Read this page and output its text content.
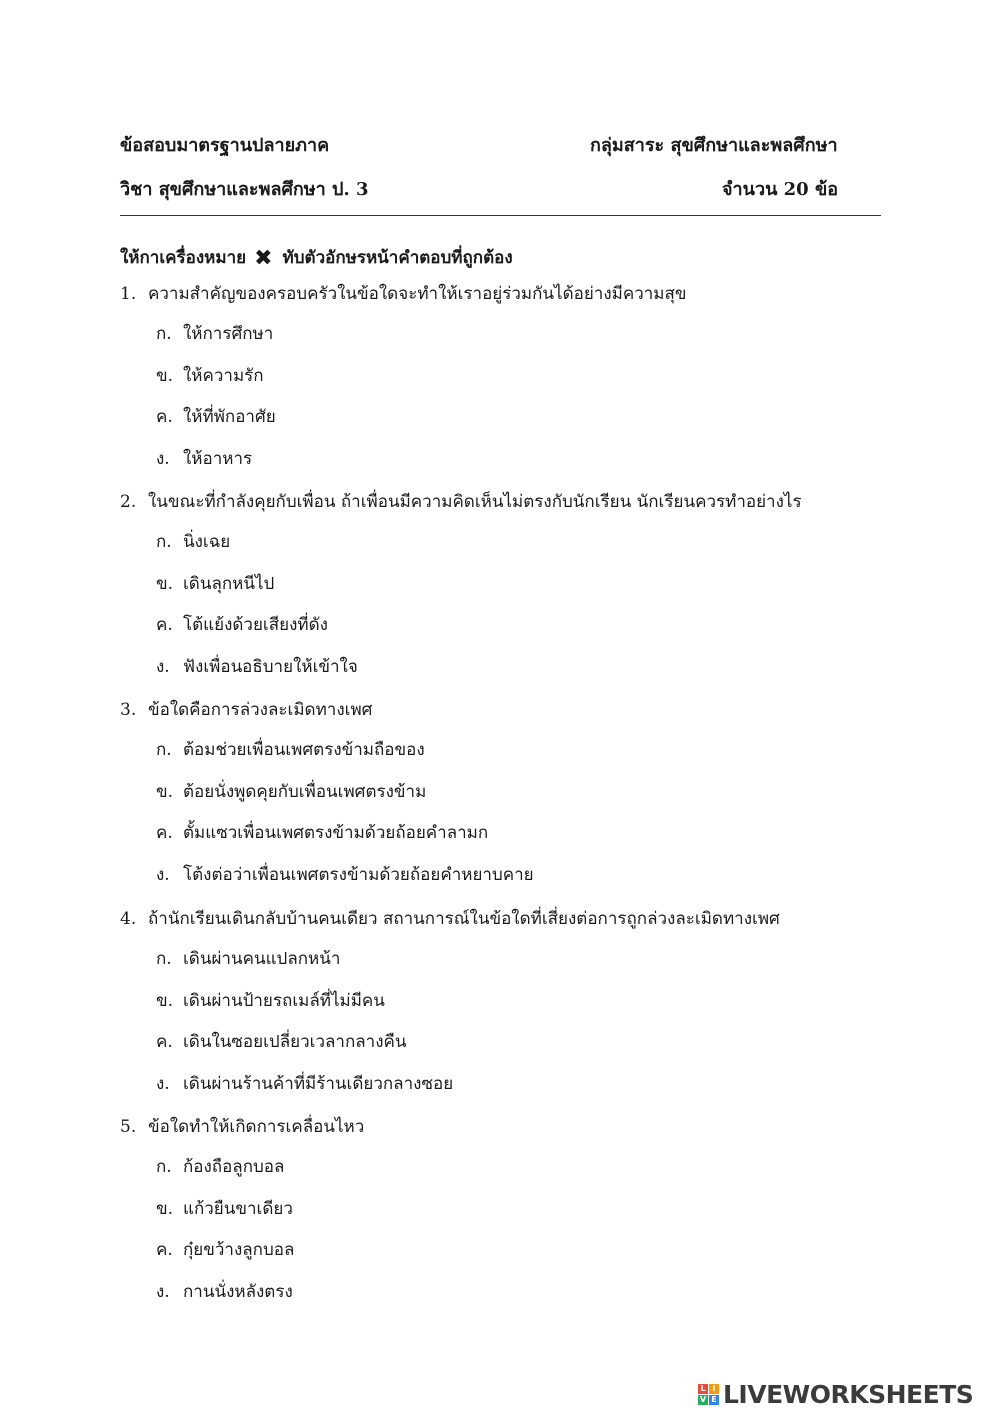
ข้อสอบมาตรฐานปลายภาค	กลุ่มสาระ สุขศึกษาและพลศึกษา
วิชา สุขศึกษาและพลศึกษา ป. 3	จำนวน 20 ข้อ
ให้กาเครื่องหมาย ✖ ทับตัวอักษรหน้าคำตอบที่ถูกต้อง
1. ความสำคัญของครอบครัวในข้อใดจะทำให้เราอยู่ร่วมกันได้อย่างมีความสุข
ก. ให้การศึกษา
ข. ให้ความรัก
ค. ให้ที่พักอาศัย
ง. ให้อาหาร
2. ในขณะที่กำลังคุยกับเพื่อน ถ้าเพื่อนมีความคิดเห็นไม่ตรงกับนักเรียน นักเรียนควรทำอย่างไร
ก. นิ่งเฉย
ข. เดินลุกหนีไป
ค. โต้แย้งด้วยเสียงที่ดัง
ง. ฟังเพื่อนอธิบายให้เข้าใจ
3. ข้อใดคือการล่วงละเมิดทางเพศ
ก. ต้อมช่วยเพื่อนเพศตรงข้ามถือของ
ข. ต้อยนั่งพูดคุยกับเพื่อนเพศตรงข้าม
ค. ตั้มแซวเพื่อนเพศตรงข้ามด้วยถ้อยคำลามก
ง. โต้งต่อว่าเพื่อนเพศตรงข้ามด้วยถ้อยคำหยาบคาย
4. ถ้านักเรียนเดินกลับบ้านคนเดียว สถานการณ์ในข้อใดที่เสี่ยงต่อการถูกล่วงละเมิดทางเพศ
ก. เดินผ่านคนแปลกหน้า
ข. เดินผ่านป้ายรถเมล์ที่ไม่มีคน
ค. เดินในซอยเปลี่ยวเวลากลางคืน
ง. เดินผ่านร้านค้าที่มีร้านเดียวกลางซอย
5. ข้อใดทำให้เกิดการเคลื่อนไหว
ก. ก้องถือลูกบอล
ข. แก้วยืนขาเดียว
ค. กุ๋ยขว้างลูกบอล
ง. กานนั่งหลังตรง
L I
V E LIVEWORKSHEETS
